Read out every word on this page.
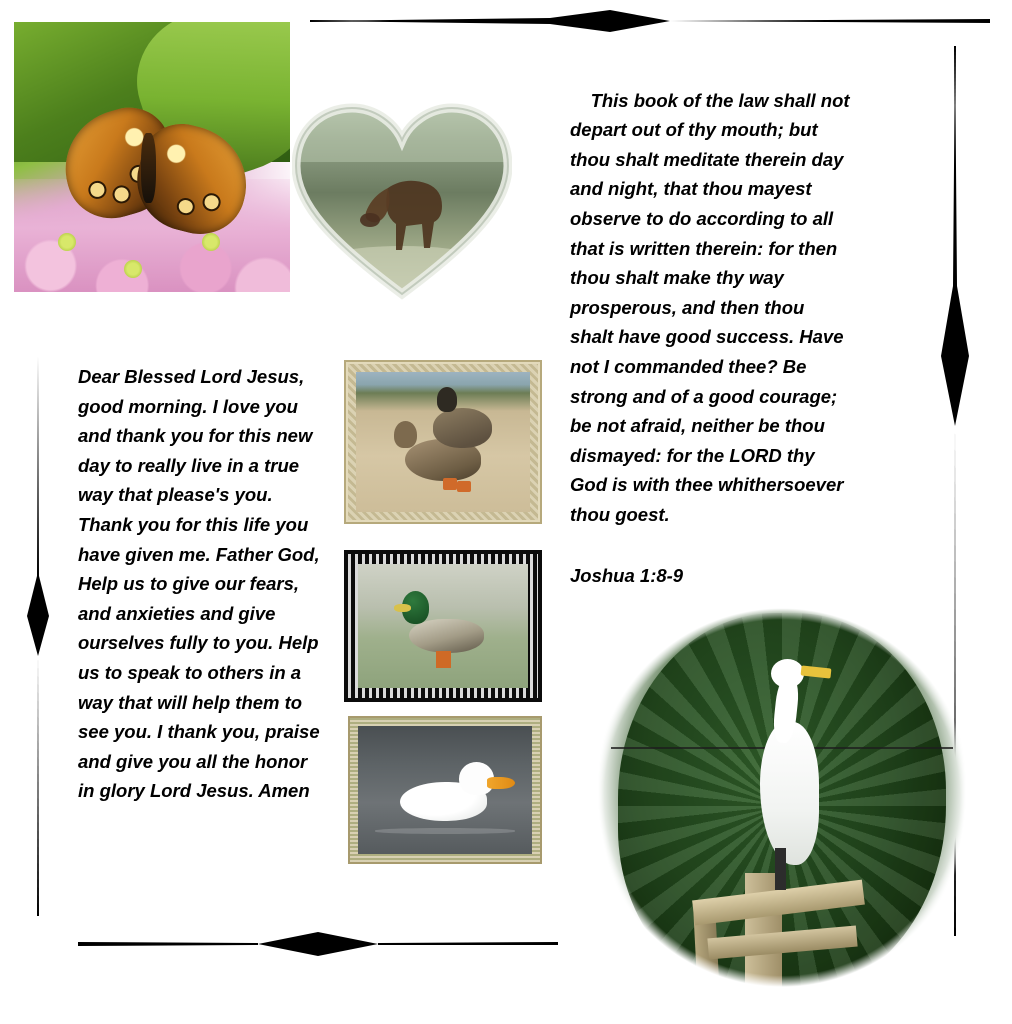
This book of the law shall not depart out of thy mouth; but thou shalt meditate therein day and night, that thou mayest observe to do according to all that is written therein: for then thou shalt make thy way prosperous, and then thou shalt have good success. Have not I commanded thee? Be strong and of a good courage; be not afraid, neither be thou dismayed: for the LORD thy God is with thee whithersoever thou goest.

Joshua 1:8-9

Dear Blessed Lord Jesus, good morning. I love you and thank you for this new day to really live in a true way that please's you. Thank you for this life you have given me. Father God, Help us to give our fears, and anxieties and give ourselves fully to you. Help us to speak to others in a way that will help them to see you. I thank you, praise and give you all the honor in glory Lord Jesus. Amen
